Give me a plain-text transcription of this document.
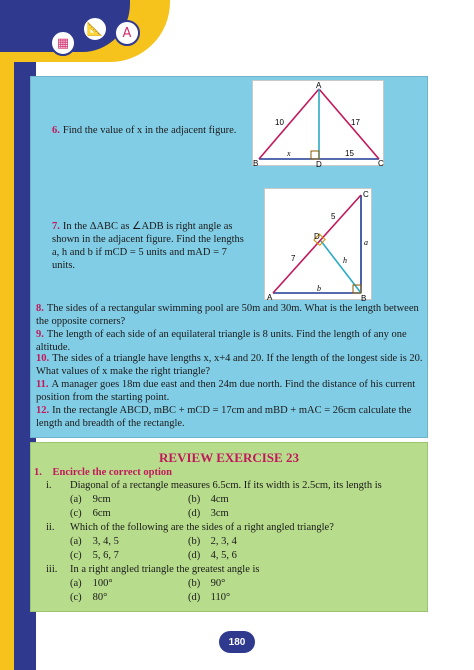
▦
📐	A
A
B	C
D
10	17
x	15
C
A	B
D
7
5
a
b
h
6. Find the value of x in the adjacent figure.
7. In the ΔABC as ∠ADB is right angle as shown in the adjacent figure. Find the lengths a, h and b if mCD = 5 units and mAD = 7 units.
8. The sides of a rectangular swimming pool are 50m and 30m. What is the length between the opposite corners?
9. The length of each side of an equilateral triangle is 8 units. Find the length of any one altitude.
10. The sides of a triangle have lengths x, x+4 and 20. If the length of the longest side is 20. What values of x make the right triangle?
11. A manager goes 18m due east and then 24m due north. Find the distance of his current position from the starting point.
12. In the rectangle ABCD, mBC + mCD = 17cm and mBD + mAC = 26cm calculate the length and breadth of the rectangle.
REVIEW EXERCISE 23
1. Encircle the correct option
i. Diagonal of a rectangle measures 6.5cm. If its width is 2.5cm, its length is
(a) 9cm	(b) 4cm
(c) 6cm	(d) 3cm
ii. Which of the following are the sides of a right angled triangle?
(a) 3, 4, 5	(b) 2, 3, 4
(c) 5, 6, 7	(d) 4, 5, 6
iii. In a right angled triangle the greatest angle is
(a) 100°	(b) 90°
(c) 80°	(d) 110°
180
